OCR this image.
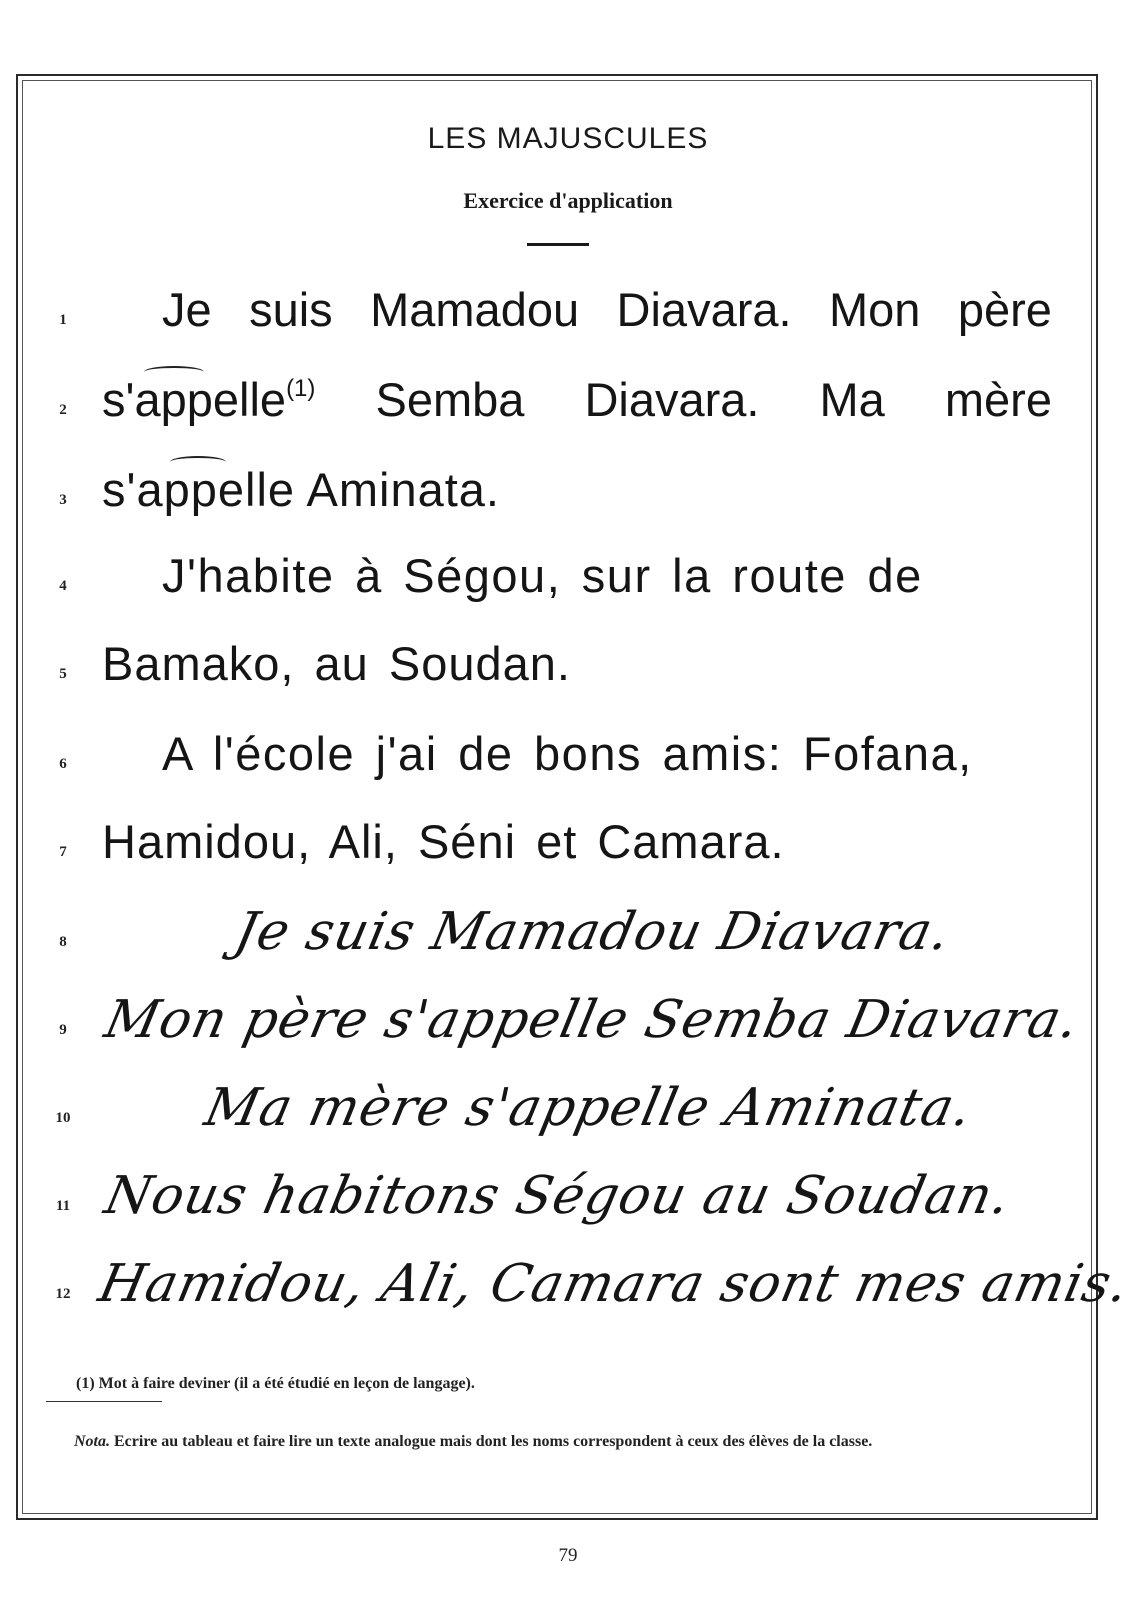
LES MAJUSCULES
Exercice d'application
1 Je suis Mamadou Diavara. Mon père
2 s'appelle$^{(1)}$ Semba Diavara. Ma mère
3 s'appelle Aminata.
4 J'habite à Ségou, sur la route de
5 Bamako, au Soudan.
6 A l'école j'ai de bons amis: Fofana,
7 Hamidou, Ali, Séni et Camara.
8	Je suis Mamadou Diavara.
9 Mon père s'appelle Semba Diavara.
10 Ma mère s'appelle Aminata.
11 Nous habitons Ségou au Soudan.
12 Hamidou, Ali, Camara sont mes amis.
(1) Mot à faire deviner (il a été étudié en leçon de langage).
Nota. Ecrire au tableau et faire lire un texte analogue mais dont les noms correspondent à ceux des élèves de la classe.
79
